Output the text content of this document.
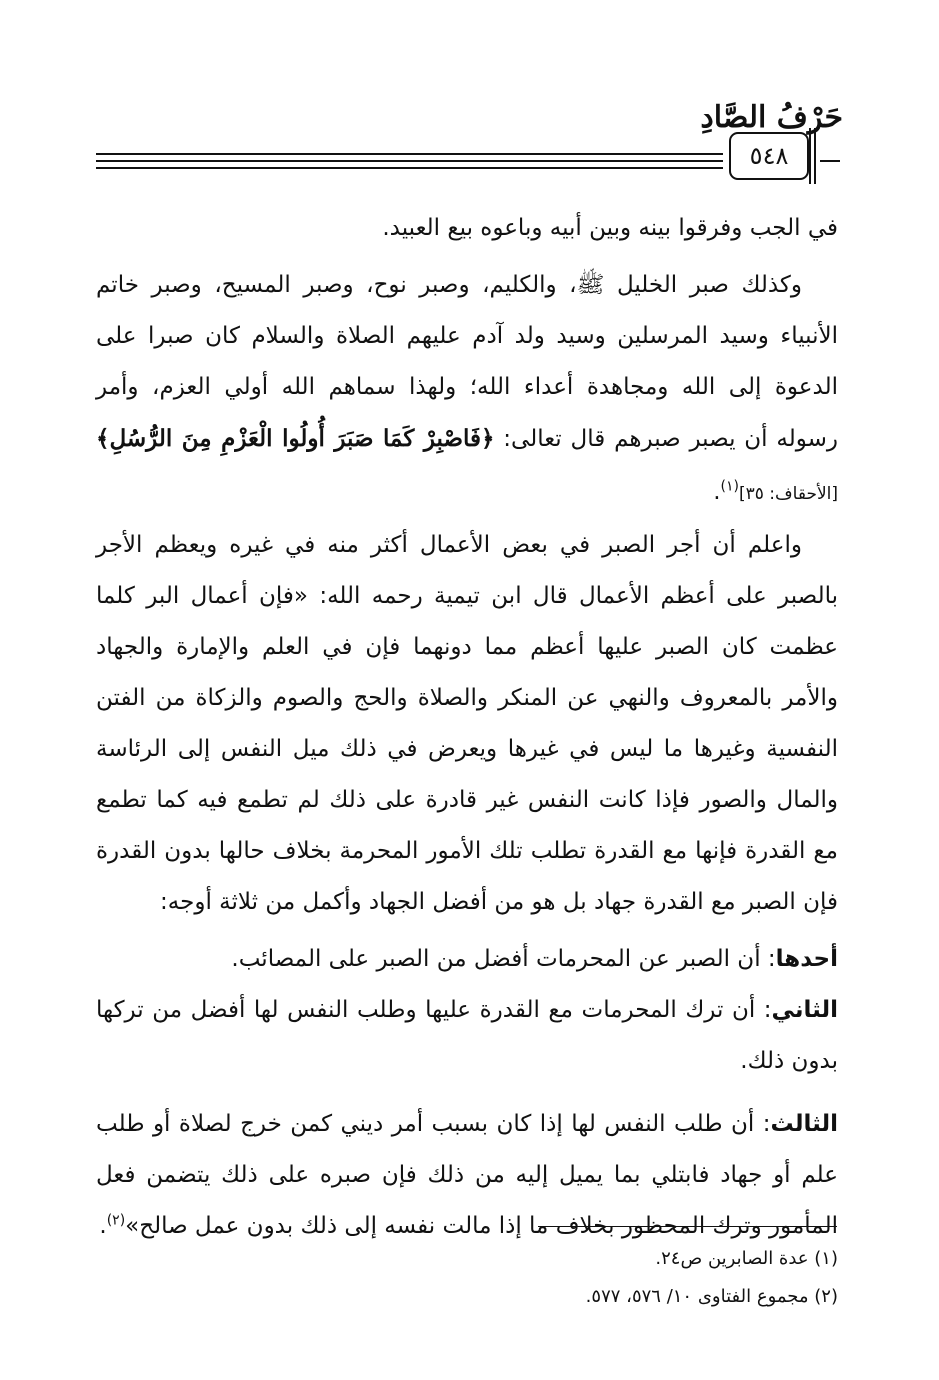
حَرْفُ الصَّادِ
٥٤٨

في الجب وفرقوا بينه وبين أبيه وباعوه بيع العبيد.

وكذلك صبر الخليل ﷺ، والكليم، وصبر نوح، وصبر المسيح، وصبر خاتم الأنبياء وسيد المرسلين وسيد ولد آدم عليهم الصلاة والسلام كان صبرا على الدعوة إلى الله ومجاهدة أعداء الله؛ ولهذا سماهم الله أولي العزم، وأمر رسوله أن يصبر صبرهم قال تعالى: ﴿فَاصْبِرْ كَمَا صَبَرَ أُولُوا الْعَزْمِ مِنَ الرُّسُلِ﴾ [الأحقاف: ٣٥]$^{(١)}$.

واعلم أن أجر الصبر في بعض الأعمال أكثر منه في غيره ويعظم الأجر بالصبر على أعظم الأعمال قال ابن تيمية رحمه الله: «فإن أعمال البر كلما عظمت كان الصبر عليها أعظم مما دونهما فإن في العلم والإمارة والجهاد والأمر بالمعروف والنهي عن المنكر والصلاة والحج والصوم والزكاة من الفتن النفسية وغيرها ما ليس في غيرها ويعرض في ذلك ميل النفس إلى الرئاسة والمال والصور فإذا كانت النفس غير قادرة على ذلك لم تطمع فيه كما تطمع مع القدرة فإنها مع القدرة تطلب تلك الأمور المحرمة بخلاف حالها بدون القدرة فإن الصبر مع القدرة جهاد بل هو من أفضل الجهاد وأكمل من ثلاثة أوجه:

أحدها: أن الصبر عن المحرمات أفضل من الصبر على المصائب.

الثاني: أن ترك المحرمات مع القدرة عليها وطلب النفس لها أفضل من تركها بدون ذلك.

الثالث: أن طلب النفس لها إذا كان بسبب أمر ديني كمن خرج لصلاة أو طلب علم أو جهاد فابتلي بما يميل إليه من ذلك فإن صبره على ذلك يتضمن فعل المأمور وترك المحظور بخلاف ما إذا مالت نفسه إلى ذلك بدون عمل صالح»$^{(٢)}$.

(١) عدة الصابرين ص٢٤.
(٢) مجموع الفتاوى ١٠/ ٥٧٦، ٥٧٧.
